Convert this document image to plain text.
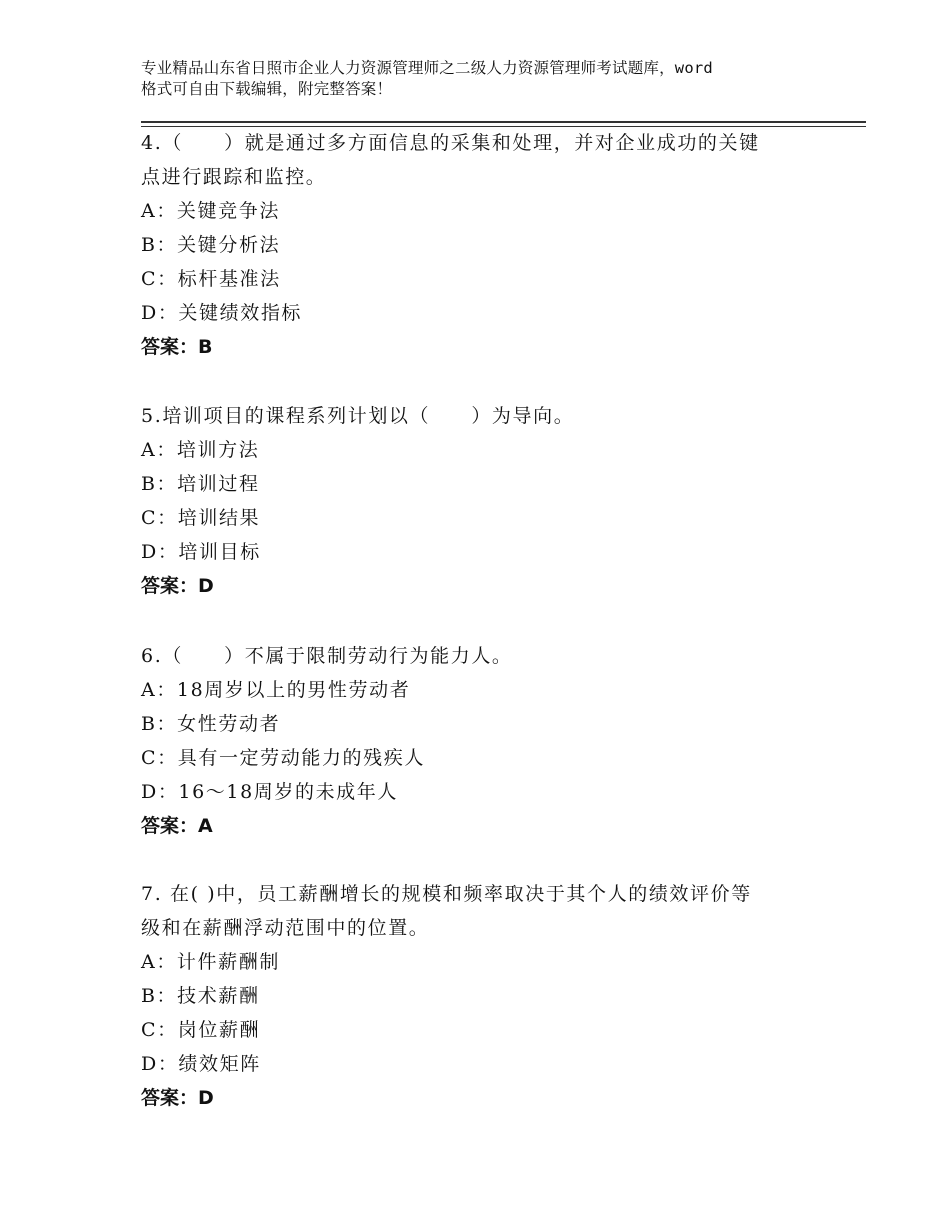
专业精品山东省日照市企业人力资源管理师之二级人力资源管理师考试题库，word
格式可自由下载编辑，附完整答案！

4.（　　）就是通过多方面信息的采集和处理，并对企业成功的关键

点进行跟踪和监控。

A：关键竞争法

B：关键分析法

C：标杆基准法

D：关键绩效指标

答案：B

5.培训项目的课程系列计划以（　　）为导向。

A：培训方法

B：培训过程

C：培训结果

D：培训目标

答案：D

6.（　　）不属于限制劳动行为能力人。

A：18周岁以上的男性劳动者

B：女性劳动者

C：具有一定劳动能力的残疾人

D：16～18周岁的未成年人

答案：A

7. 在( )中，员工薪酬增长的规模和频率取决于其个人的绩效评价等

级和在薪酬浮动范围中的位置。

A：计件薪酬制

B：技术薪酬

C：岗位薪酬

D：绩效矩阵

答案：D
